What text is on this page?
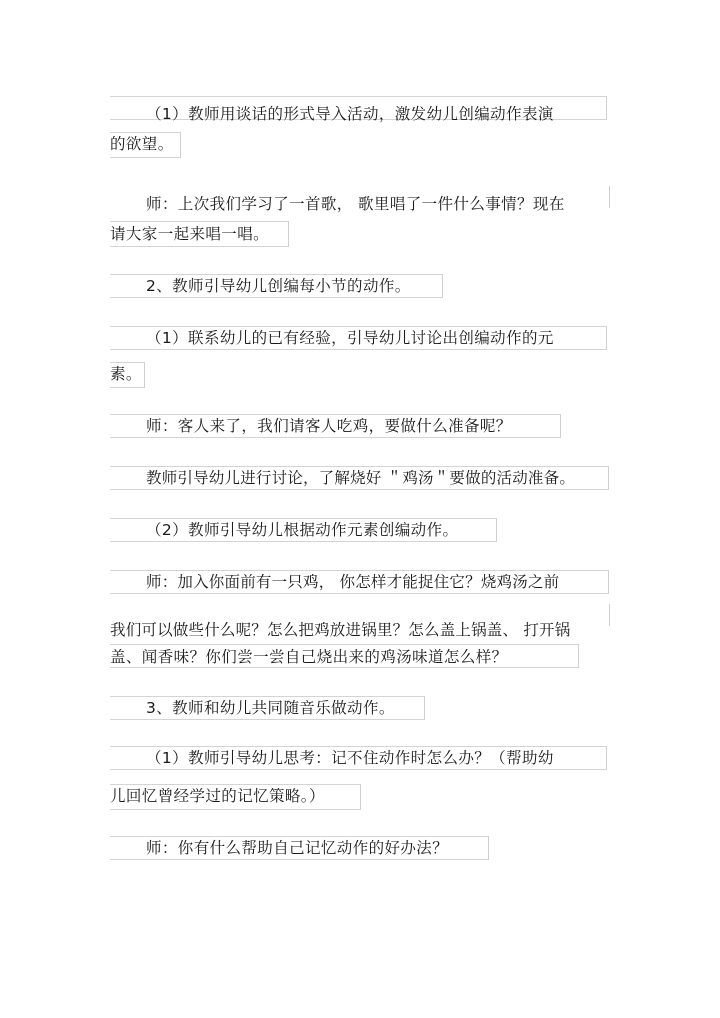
（1）教师用谈话的形式导入活动，激发幼儿创编动作表演
的欲望。
师：上次我们学习了一首歌， 歌里唱了一件什么事情？现在
请大家一起来唱一唱。
2、教师引导幼儿创编每小节的动作。
（1）联系幼儿的已有经验，引导幼儿讨论出创编动作的元
素。
师：客人来了，我们请客人吃鸡，要做什么准备呢？
教师引导幼儿进行讨论，了解烧好 ＂鸡汤＂要做的活动准备。
（2）教师引导幼儿根据动作元素创编动作。
师：加入你面前有一只鸡， 你怎样才能捉住它？烧鸡汤之前
我们可以做些什么呢？怎么把鸡放进锅里？怎么盖上锅盖、 打开锅
盖、闻香味？你们尝一尝自己烧出来的鸡汤味道怎么样？
3、教师和幼儿共同随音乐做动作。
（1）教师引导幼儿思考：记不住动作时怎么办？（帮助幼
儿回忆曾经学过的记忆策略。）
师：你有什么帮助自己记忆动作的好办法？
